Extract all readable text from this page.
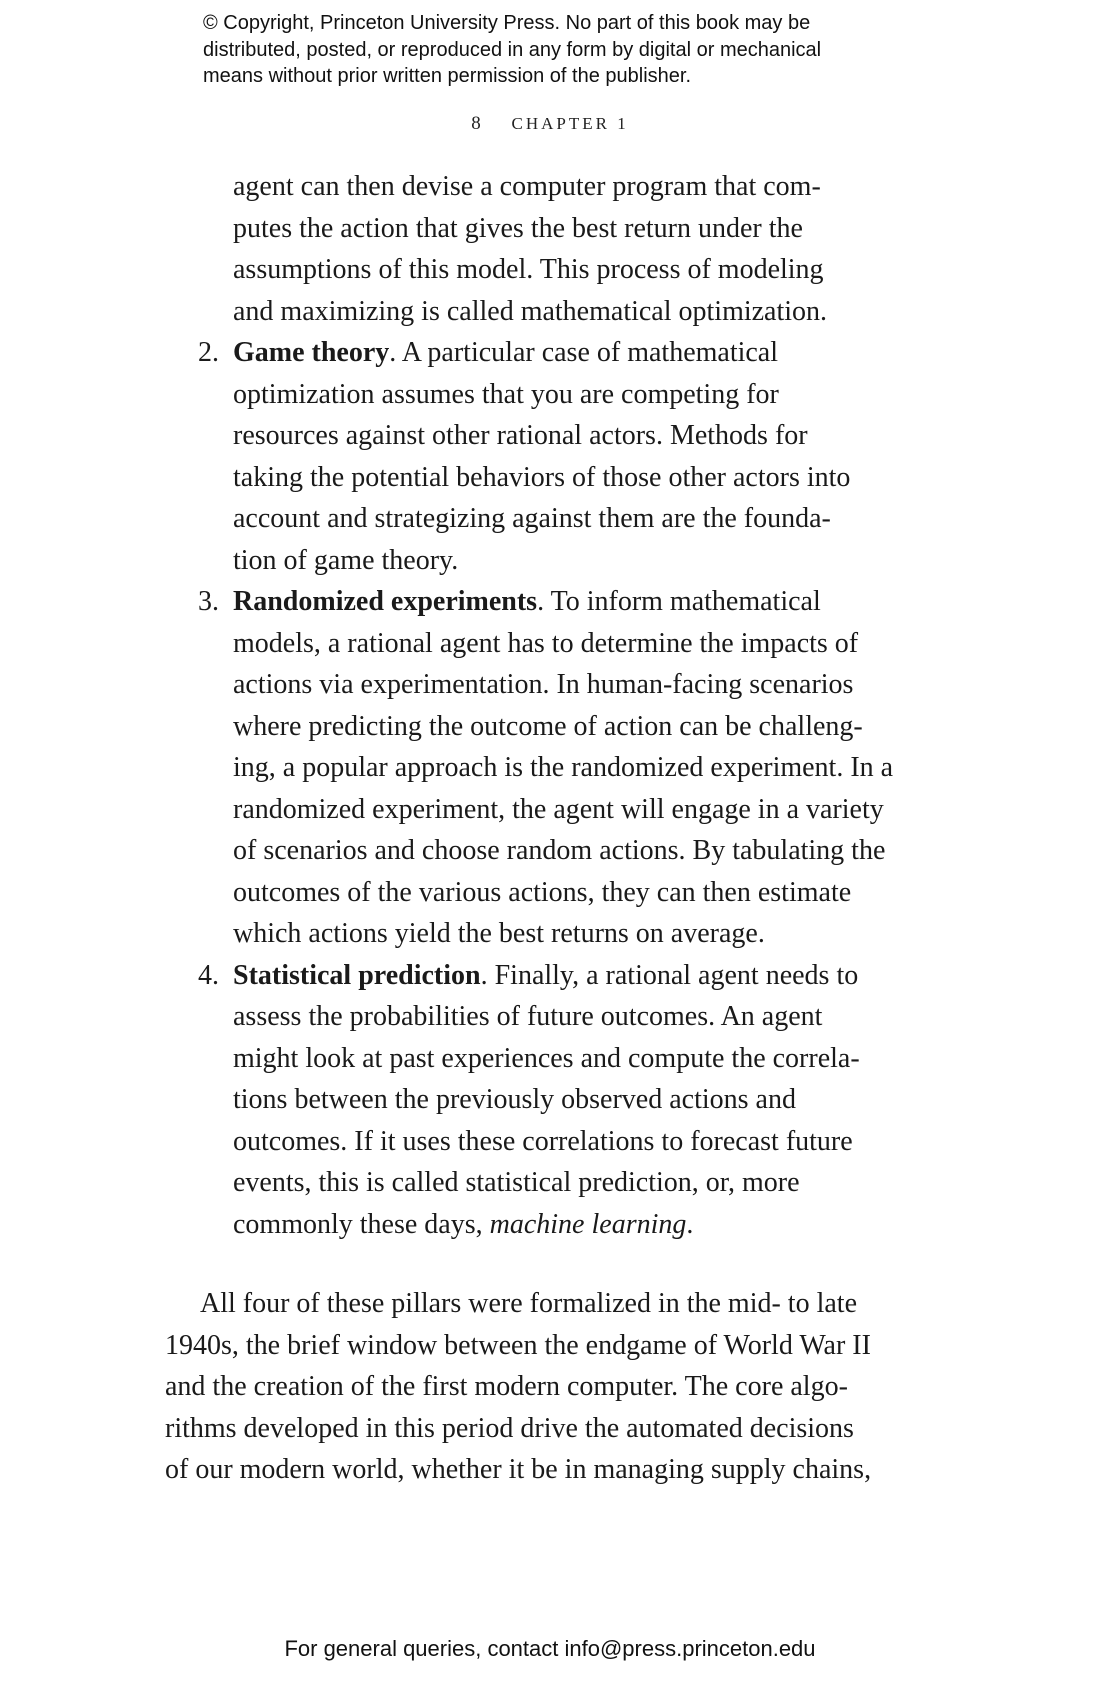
© Copyright, Princeton University Press. No part of this book may be
distributed, posted, or reproduced in any form by digital or mechanical
means without prior written permission of the publisher.
8 CHAPTER 1
agent can then devise a computer program that com-
putes the action that gives the best return under the
assumptions of this model. This process of modeling
and maximizing is called mathematical optimization.
2. Game theory. A particular case of mathematical
optimization assumes that you are competing for
resources against other rational actors. Methods for
taking the potential behaviors of those other actors into
account and strategizing against them are the founda-
tion of game theory.
3. Randomized experiments. To inform mathematical
models, a rational agent has to determine the impacts of
actions via experimentation. In human-facing scenarios
where predicting the outcome of action can be challeng-
ing, a popular approach is the randomized experiment. In a
randomized experiment, the agent will engage in a variety
of scenarios and choose random actions. By tabulating the
outcomes of the various actions, they can then estimate
which actions yield the best returns on average.
4. Statistical prediction. Finally, a rational agent needs to
assess the probabilities of future outcomes. An agent
might look at past experiences and compute the correla-
tions between the previously observed actions and
outcomes. If it uses these correlations to forecast future
events, this is called statistical prediction, or, more
commonly these days, machine learning.

All four of these pillars were formalized in the mid- to late
1940s, the brief window between the endgame of World War II
and the creation of the first modern computer. The core algo-
rithms developed in this period drive the automated decisions
of our modern world, whether it be in managing supply chains,

For general queries, contact info@press.princeton.edu
